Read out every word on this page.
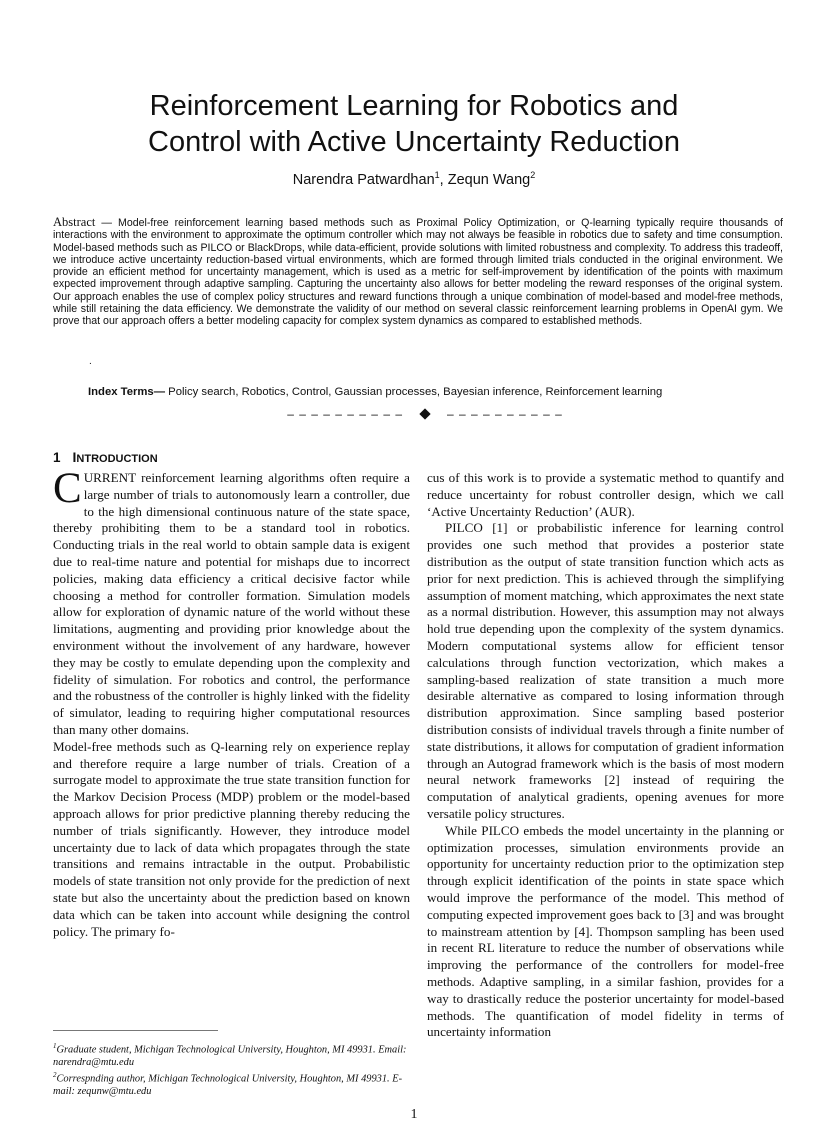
Reinforcement Learning for Robotics and
Control with Active Uncertainty Reduction
Narendra Patwardhan$^1$, Zequn Wang$^2$
Abstract — Model-free reinforcement learning based methods such as Proximal Policy Optimization, or Q-learning typically require thousands of interactions with the environment to approximate the optimum controller which may not always be feasible in robotics due to safety and time consumption. Model-based methods such as PILCO or BlackDrops, while data-efficient, provide solutions with limited robustness and complexity. To address this tradeoff, we introduce active uncertainty reduction-based virtual environments, which are formed through limited trials conducted in the original environment. We provide an efficient method for uncertainty management, which is used as a metric for self-improvement by identification of the points with maximum expected improvement through adaptive sampling. Capturing the uncertainty also allows for better modeling the reward responses of the original system. Our approach enables the use of complex policy structures and reward functions through a unique combination of model-based and model-free methods, while still retaining the data efficiency. We demonstrate the validity of our method on several classic reinforcement learning problems in OpenAI gym. We prove that our approach offers a better modeling capacity for complex system dynamics as compared to established methods.
.
Index Terms— Policy search, Robotics, Control, Gaussian processes, Bayesian inference, Reinforcement learning
– – – – – – – – – –	– – – – – – – – – –
1 INTRODUCTION

CURRENT reinforcement learning algorithms often require a large number of trials to autonomously learn a controller, due to the high dimensional continuous nature of the state space, thereby prohibiting them to be a standard tool in robotics. Conducting trials in the real world to obtain sample data is exigent due to real-time nature and potential for mishaps due to incorrect policies, making data efficiency a critical decisive factor while choosing a method for controller formation. Simulation models allow for exploration of dynamic nature of the world without these limitations, augmenting and providing prior knowledge about the environment without the involvement of any hardware, however they may be costly to emulate depending upon the complexity and fidelity of simulation. For robotics and control, the performance and the robustness of the controller is highly linked with the fidelity of simulator, leading to requiring higher computational resources than many other domains.

Model-free methods such as Q-learning rely on experience replay and therefore require a large number of trials. Creation of a surrogate model to approximate the true state transition function for the Markov Decision Process (MDP) problem or the model-based approach allows for prior predictive planning thereby reducing the number of trials significantly. However, they introduce model uncertainty due to lack of data which propagates through the state transitions and remains intractable in the output. Probabilistic models of state transition not only provide for the prediction of next state but also the uncertainty about the prediction based on known data which can be taken into account while designing the control policy. The primary fo-

cus of this work is to provide a systematic method to quantify and reduce uncertainty for robust controller design, which we call ‘Active Uncertainty Reduction’ (AUR).

PILCO [1] or probabilistic inference for learning control provides one such method that provides a posterior state distribution as the output of state transition function which acts as prior for next prediction. This is achieved through the simplifying assumption of moment matching, which approximates the next state as a normal distribution. However, this assumption may not always hold true depending upon the complexity of the system dynamics. Modern computational systems allow for efficient tensor calculations through function vectorization, which makes a sampling-based realization of state transition a much more desirable alternative as compared to losing information through distribution approximation. Since sampling based posterior distribution consists of individual travels through a finite number of state distributions, it allows for computation of gradient information through an Autograd framework which is the basis of most modern neural network frameworks [2] instead of requiring the computation of analytical gradients, opening avenues for more versatile policy structures.

While PILCO embeds the model uncertainty in the planning or optimization processes, simulation environments provide an opportunity for uncertainty reduction prior to the optimization step through explicit identification of the points in state space which would improve the performance of the model. This method of computing expected improvement goes back to [3] and was brought to mainstream attention by [4]. Thompson sampling has been used in recent RL literature to reduce the number of observations while improving the performance of the controllers for model-free methods. Adaptive sampling, in a similar fashion, provides for a way to drastically reduce the posterior uncertainty for model-based methods. The quantification of model fidelity in terms of uncertainty information

$^1$Graduate student, Michigan Technological University, Houghton, MI 49931. Email: narendra@mtu.edu

$^2$Correspnding author, Michigan Technological University, Houghton, MI 49931. E-mail: zequnw@mtu.edu

1
